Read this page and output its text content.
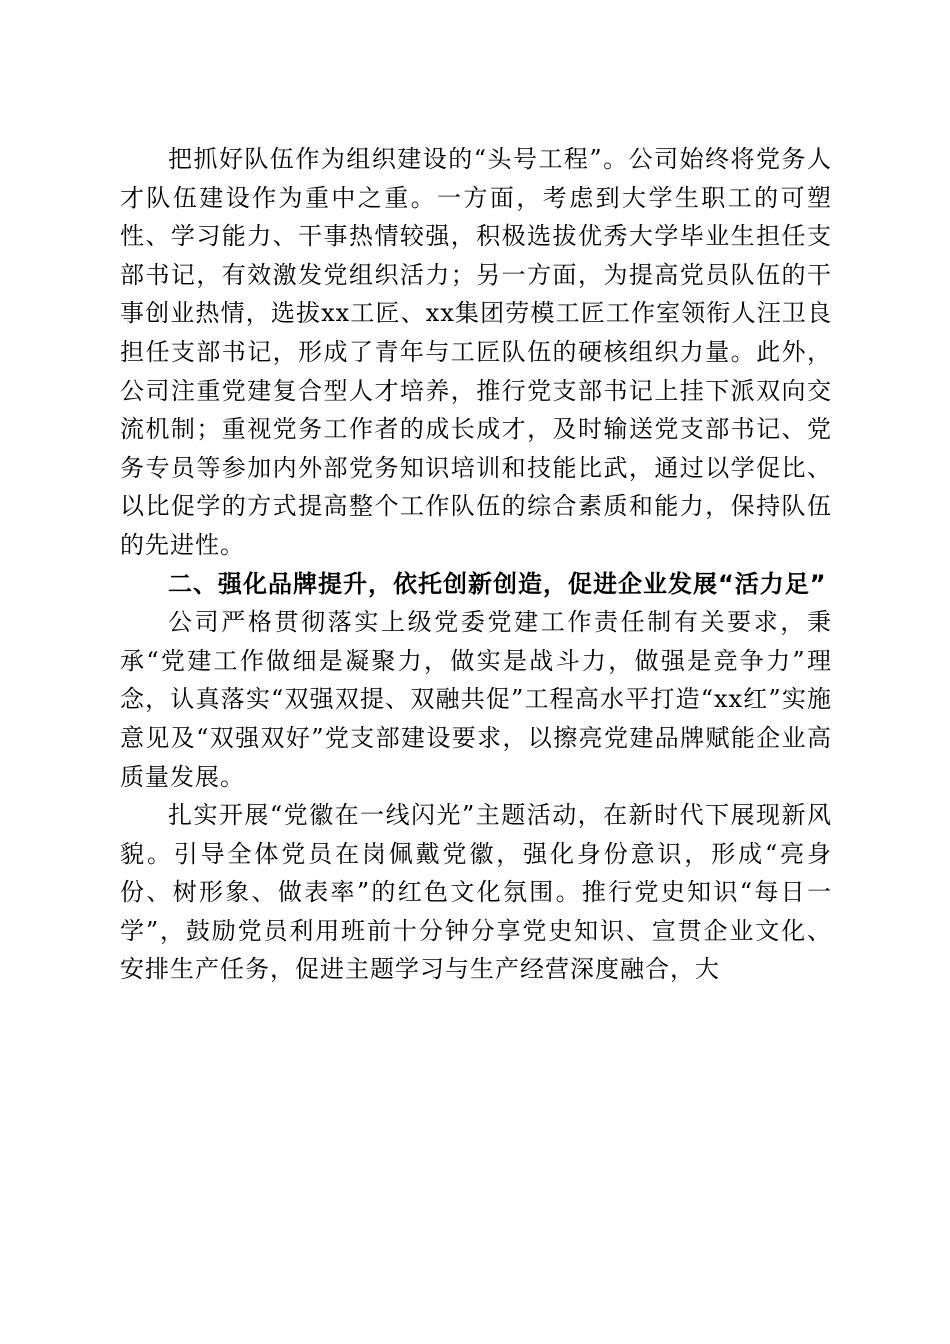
把抓好队伍作为组织建设的“头号工程”。公司始终将党务人才队伍建设作为重中之重。一方面，考虑到大学生职工的可塑性、学习能力、干事热情较强，积极选拔优秀大学毕业生担任支部书记，有效激发党组织活力；另一方面，为提高党员队伍的干事创业热情，选拔xx工匠、xx集团劳模工匠工作室领衔人汪卫良担任支部书记，形成了青年与工匠队伍的硬核组织力量。此外，公司注重党建复合型人才培养，推行党支部书记上挂下派双向交流机制；重视党务工作者的成长成才，及时输送党支部书记、党务专员等参加内外部党务知识培训和技能比武，通过以学促比、以比促学的方式提高整个工作队伍的综合素质和能力，保持队伍的先进性。

二、强化品牌提升，依托创新创造，促进企业发展“活力足”

公司严格贯彻落实上级党委党建工作责任制有关要求，秉承“党建工作做细是凝聚力，做实是战斗力，做强是竞争力”理念，认真落实“双强双提、双融共促”工程高水平打造“xx红”实施意见及“双强双好”党支部建设要求，以擦亮党建品牌赋能企业高质量发展。

扎实开展“党徽在一线闪光”主题活动，在新时代下展现新风貌。引导全体党员在岗佩戴党徽，强化身份意识，形成“亮身份、树形象、做表率”的红色文化氛围。推行党史知识“每日一学”，鼓励党员利用班前十分钟分享党史知识、宣贯企业文化、安排生产任务，促进主题学习与生产经营深度融合，大
